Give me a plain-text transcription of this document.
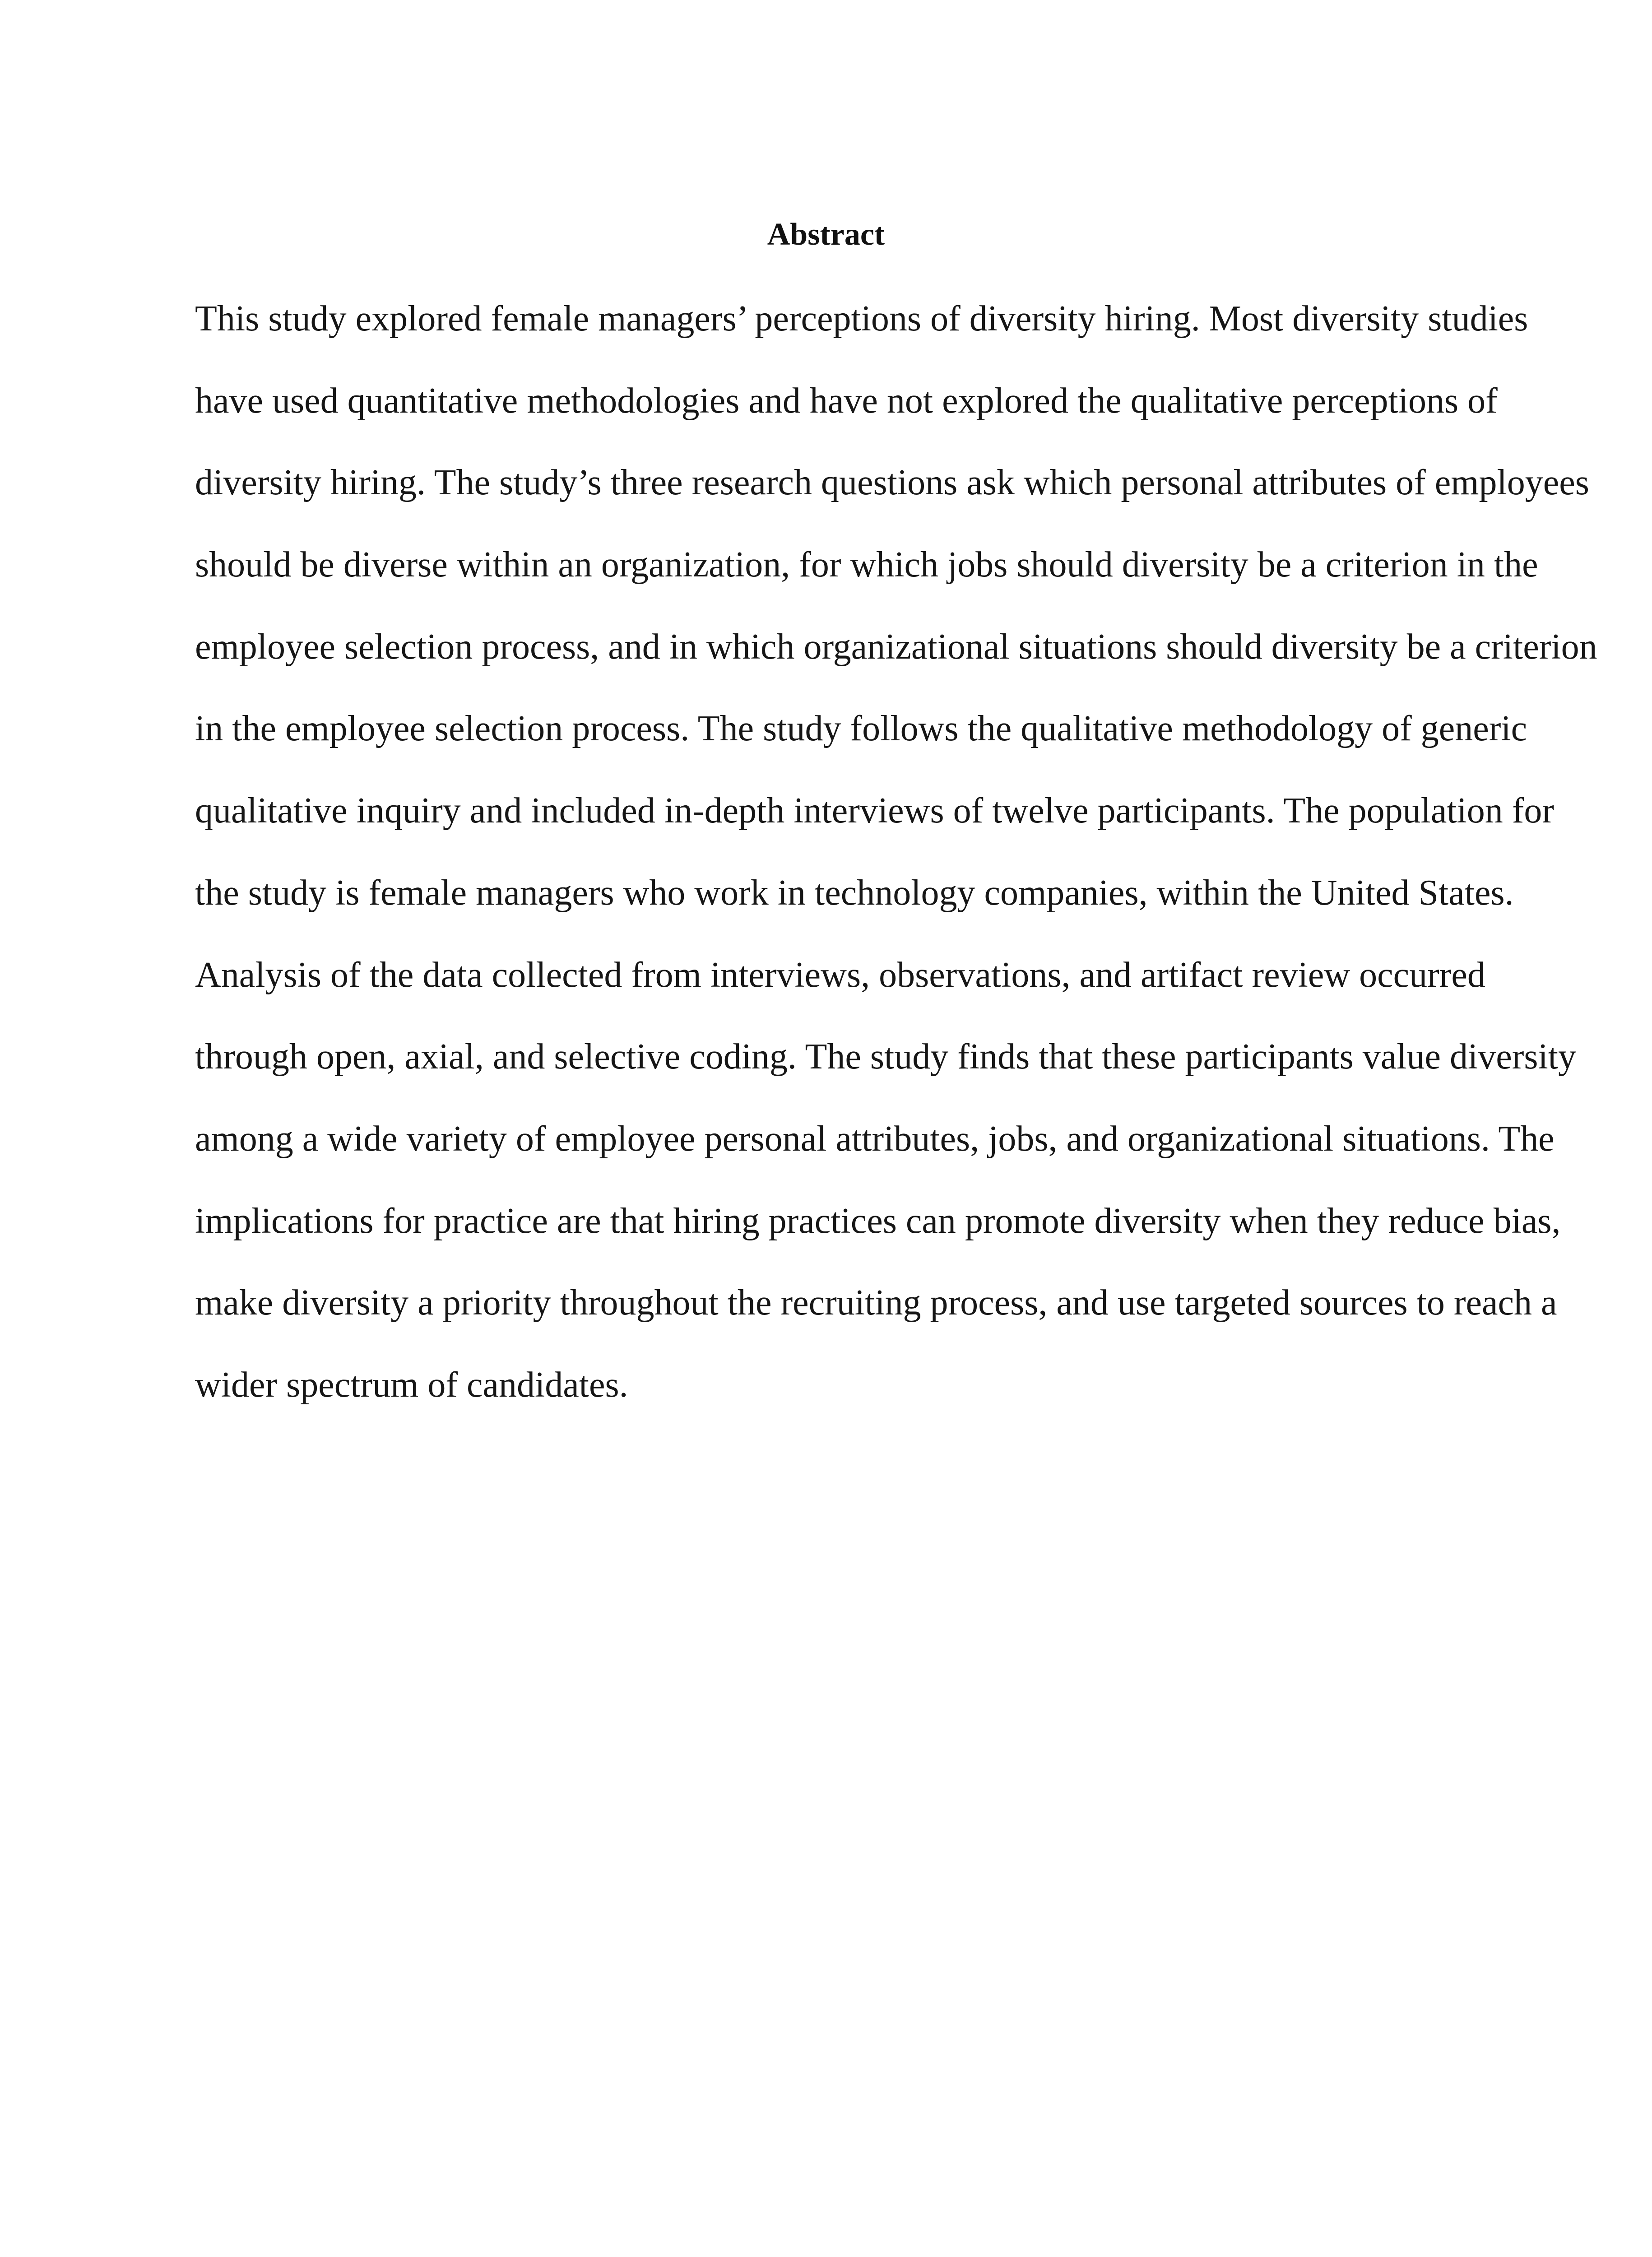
Abstract
This study explored female managers’ perceptions of diversity hiring. Most diversity studies
have used quantitative methodologies and have not explored the qualitative perceptions of
diversity hiring. The study’s three research questions ask which personal attributes of employees
should be diverse within an organization, for which jobs should diversity be a criterion in the
employee selection process, and in which organizational situations should diversity be a criterion
in the employee selection process. The study follows the qualitative methodology of generic
qualitative inquiry and included in-depth interviews of twelve participants. The population for
the study is female managers who work in technology companies, within the United States.
Analysis of the data collected from interviews, observations, and artifact review occurred
through open, axial, and selective coding. The study finds that these participants value diversity
among a wide variety of employee personal attributes, jobs, and organizational situations. The
implications for practice are that hiring practices can promote diversity when they reduce bias,
make diversity a priority throughout the recruiting process, and use targeted sources to reach a
wider spectrum of candidates.
